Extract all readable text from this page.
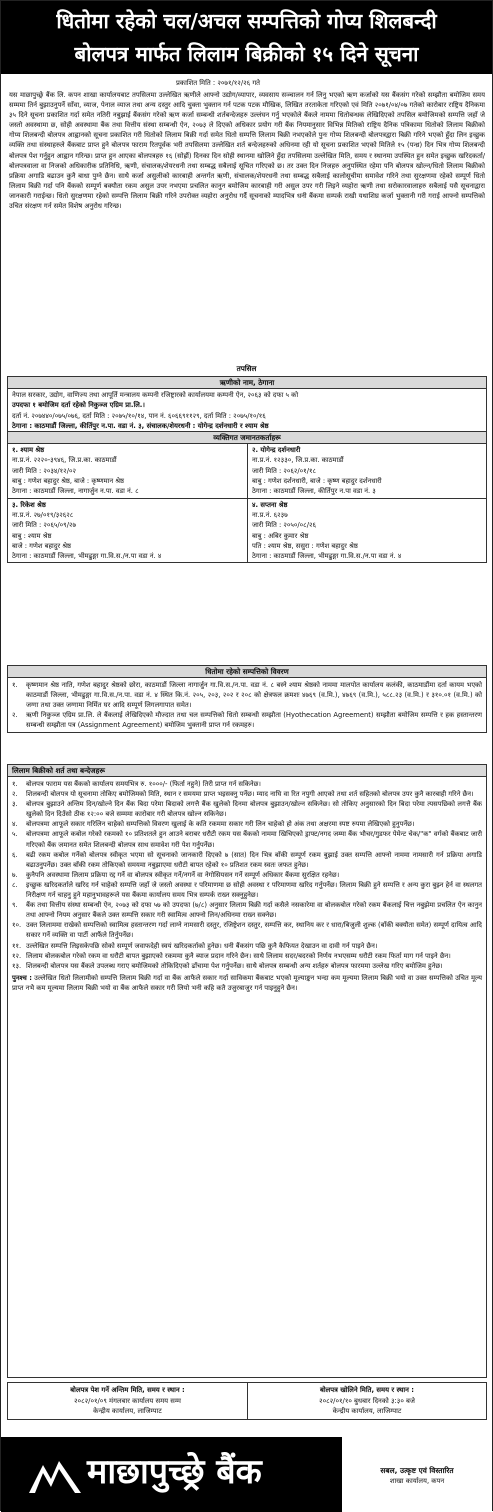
धितोमा रहेको चल/अचल सम्पत्तिको गोप्य शिलबन्दी
बोलपत्र मार्फत लिलाम बिक्रीको १५ दिने सूचना
प्रकाशित मिति : २०७१/१२/२६ गते
यस माछापुच्छ्रे बैंक लि. कपन शाखा कार्यालयबाट तपसिलमा उल्लेखित ऋणीले आफ्नो उद्योग/व्यापार, व्यवसाय सञ्चालन गर्न लिनु भएको ऋण कर्जाको यस बैंकसंग गरेको सम्झौता बमोजिम समय सम्ममा तिर्न बुझाउनुपर्ने साँवा, व्याज, पेनाल व्याज तथा अन्य दस्तुर आदि चुक्ता भुक्तान गर्न पटक पटक मौखिक, लिखित तरताकेता गरिएको एवं मिति २०७१/०४/०७ गतेको कारोबार राष्ट्रिय दैनिकमा ३५ दिने सूचना प्रकाशित गर्दा समेत नतिरी नबुझाई बैंकसंग गरेको ऋण कर्जा सम्बन्धी शर्तबन्देजहरु उल्लंघन गर्नु भएकोले बैंकले नाममा धितोबन्धक लेखिदिएको तपसिल बमोजिमको सम्पत्ति जहाँ जे जस्तो अवस्थामा छ, सोही अवस्थामा बैंक तथा वित्तीय संस्था सम्बन्धी ऐन, २०७३ ले दिएको अधिकार प्रयोग गरी बैंक नियमानुसार विभिन्न मितिको राष्ट्रिय दैनिक पत्रिकामा धितोको लिलाम बिक्रीको गोप्य शिलबन्दी बोलपत्र आह्वानको सूचना प्रकाशित गरी धितोको लिलाम बिक्री गर्दा समेत धितो सम्पत्ति लिलाम बिक्री नभएकोले पुनः गोप्य शिलबन्दी बोलपत्रद्वारा बिक्री गरिने भएको हुँदा लिन इच्छुक व्यक्ति तथा संस्थाहरुले बैंकबाट प्राप्त हुने बोलपत्र फाराम रितपूर्वक भरी तपसिलमा उल्लेखित शर्त बन्देजहरुको अधिनमा रही यो सूचना प्रकाशित भएको मितिले १५ (पन्ध्र) दिन भित्र गोप्य शिलबन्दी बोलपत्र पेश गर्नुहुन आह्वान गरिन्छ। प्राप्त हुन आएका बोलपत्रहरु १६ (सोह्रौं) दिनका दिन सोही स्थानमा खोलिने हुँदा तपसिलमा उल्लेखित मिति, समय र स्थानमा उपस्थित हुन समेत इच्छुक खरिदकर्ता/बोलपत्रवाला वा निजको अधिकारीक प्रतिनिधि, ऋणी, संचालक/शेयरधनी तथा सम्बद्ध सबैलाई सूचित गरिएको छ। तर उक्त दिन निजहरु अनुपस्थित रहेमा पनि बोलपत्र खोल्न/धितो लिलाम बिक्रीको प्रक्रिया अगाडि बढाउन कुनै बाधा पुग्ने छैन। साथै कर्जा असुलीको कारबाही अन्तर्गत ऋणी, संचालक/शेयरधनी तथा सम्बद्ध सबैलाई कालोसूचीमा समावेश गरिने तथा सुरक्षणमा रहेको सम्पूर्ण धितो लिलाम बिक्री गर्दा पनि बैंकको सम्पूर्ण बक्यौता रकम असुल उपर नभएमा प्रचलित कानुन बमोजिम कारबाही गरी असुल उपर गरी लिइने व्यहोरा ऋणी तथा सरोकारवालाहरु सबैलाई यसै सूचनाद्वारा जानकारी गराईन्छ। धितो सुरक्षणमा रहेको सम्पत्ति लिलाम बिक्री गरिने उपरोक्त व्यहोरा अनुरोध गर्दै सूचनाको म्यादभित्र धनी बैंकमा सम्पर्क राखी यथाशिघ्र कर्जा भुक्तानी गरी गराई आफ्नो सम्पत्तिको उचित संरक्षण गर्न समेत विशेष अनुरोध गरिन्छ।
तपसिल
ऋणीको नाम, ठेगाना
नेपाल सरकार, उद्योग, वाणिज्य तथा आपूर्ति मन्त्रालय कम्पनी रजिष्ट्रारको कार्यालयमा कम्पनी ऐन, २०६३ को दफा ५ को
उपदफा १ बमोजिम दर्ता रहेको निकुञ्ज एग्रिम प्रा.लि.।
दर्ता नं. २०७४४०/०७५/०७६, दर्ता मिति : २०७५/१०/१४, पान नं. ६०६६९११२९, दर्ता मिति : २०७५/१०/१६
ठेगाना : काठमाडौं जिल्ला, कीर्तिपुर न.पा. वडा नं. ३, संचालक/शेयरधनी : योगेन्द्र दर्शनधारी र श्याम श्रेष्ठ
व्यक्तिगत जमानतकर्ताहरू
१. श्याम श्रेष्ठ
ना.प्र.नं. २२२०-३९४६, जि.प्र.का. काठमाडौं
जारी मिति : २०३४/१२/०२
बाबु : गणेश बहादुर श्रेष्ठ, बाजे : कृष्णमान श्रेष्ठ
ठेगाना : काठमाडौं जिल्ला, नागार्जुन न.पा. वडा नं. ८
२. योगेन्द्र दर्शनधारी
ना.प्र.नं. १२३३०, जि.प्र.का. काठमाडौं
जारी मिति : २०६२/०१/१८
बाबु : गणेश दर्शनधारी, बाजे : कृष्ण बहादुर दर्शनधारी
ठेगाना : काठमाडौं जिल्ला, कीर्तिपुर न.पा वडा नं. ३
३. रिकेश श्रेष्ठ
ना.प्र.नं. २७/०१९/३२६२८
जारी मिति : २०६५/०९/२७
बाबु : श्याम श्रेष्ठ
बाजे : गणेश बहादुर श्रेष्ठ
ठेगाना : काठमाडौं जिल्ला, भीमढुङ्गा गा.वि.स./न.पा वडा नं. ४
४. सप्तना श्रेष्ठ
ना.प्र.नं. ६२३७
जारी मिति : २०५०/०८/२६
बाबु : अबिर कुमार श्रेष्ठ
पति : श्याम श्रेष्ठ, ससुरा : गणेश बहादुर श्रेष्ठ
ठेगाना : काठमाडौं जिल्ला, भीमढुङ्गा गा.वि.स./न.पा वडा नं. ४
धितोमा रहेको सम्पत्तिको विवरण
१.	कृष्णमान श्रेष्ठ नाति, गणेश बहादुर श्रेष्ठको छोरा, काठमाडौं जिल्ला नागार्जुन गा.वि.स./न.पा. वडा नं. ८ बस्ने श्याम श्रेष्ठको नाममा मालपोत कार्यालय कलंकी, काठमाडौंमा दर्ता कायम भएको काठमाडौं जिल्ला, भीमढुङ्गा गा.वि.स./न.पा. वडा नं. ४ स्थित कि.नं. २०५, २०३, २०२ र २०८ को क्षेत्रफल क्रमशः ४७६९ (व.मि.), ४७६९ (व.मि.), ५८८.२३ (व.मि.) र ३१०.०१ (व.मि.) को जग्गा तथा उक्त जग्गामा निर्मित घर आदि सम्पूर्ण लिगलगापात समेत।
२.	ऋणी निकुञ्ज एग्रिम प्रा.लि. ले बैंकलाई लेखिदिएको मौज्दात तथा चल सम्पत्तिको धितो सम्बन्धी सम्झौता (Hyothecation Agreement) सम्झौता बमोजिम सम्पत्ति र हक हस्तान्तरण सम्बन्धी सम्झौता पत्र (Assignment Agreement) बमोजिम भुक्तानी प्राप्त गर्न रकमहरु।
लिलाम बिक्रीको शर्त तथा बन्देजहरू
१.	बोलपत्र फाराम यस बैंकको कार्यालय समयभित्र रु. १०००/- (फिर्ता नहुने) तिरी प्राप्त गर्न सकिनेछ।
२.	शिलबन्दी बोलपत्र यो सूचनामा तोकिए बमोजिमको मिति, स्थान र समयमा प्राप्त भइसक्नु पर्नेछ। म्याद नाघि वा रित नपुगी आएको तथा शर्त सहितको बोलपत्र उपर कुनै कारबाही गरिने छैन।
३.	बोलपत्र बुझाउने अन्तिम दिन/खोल्ने दिन बैंक बिदा परेमा बिदाको लगत्तै बैंक खुलेको दिनमा बोलपत्र बुझाउन/खोल्न सकिनेछ। सो तोकिए अनुसारको दिन बिदा परेमा त्यसपछिको लगत्तै बैंक खुलेको दिन दिउँसो ठीक १२:०० बजे सम्ममा कारोबार गरी बोलपत्र खोल्न सकिनेछ।
४.	बोलपत्रमा आफूले सकार गरिलिन चाहेको सम्पत्तिको विवरण खुलाई के कति रकममा सकार गरी लिन चाहेको हो अंक तथा अक्षरमा स्पष्ट रुपमा लेखिएको हुनुपर्नेछ।
५.	बोलपत्रमा आफूले कबोल गरेको रकमको १० प्रतिशतले हुन आउने बराबर धरौटी रकम यस बैंकको नाममा खिचिएको ड्राफ्ट/नगद जम्मा बैंक भौचर/गुडफर पेमेन्ट चेक/"क" वर्गको बैंकबाट जारी गरिएको बैंक जमानत समेत शिलबन्दी बोलपत्र साथ समावेश गरी पेश गर्नुपर्नेछ।
६.	बढी रकम कबोल गर्नेको बोलपत्र स्वीकृत भएमा सो सूचनाको जानकारी दिएको ७ (सात) दिन भित्र बाँकी सम्पूर्ण रकम बुझाई उक्त सम्पत्ति आफ्नो नाममा नामसारी गर्न प्रक्रिया अगाडि बढाउनुपर्नेछ। उक्त बाँकी रकम तोकिएको समयमा नबुझाएमा धरौटी बापत रहेको १० प्रतिशत रकम स्वतः जफत हुनेछ।
७.	कुनैपनि अवस्थामा लिलाम प्रक्रिया रद्द गर्ने वा बोलपत्र स्वीकृत गर्ने/नगर्ने वा नेगोसियसन गर्ने सम्पूर्ण अधिकार बैंकमा सुरक्षित रहनेछ।
८.	इच्छुक खरिदकर्ताले खरिद गर्न चाहेको सम्पत्ति जहाँ जे जस्तो अवस्था र परिमाणमा छ सोही अवस्था र परिमाणमा खरिद गर्नुपर्नेछ। लिलाम बिक्री हुने सम्पत्ति र अन्य कुरा बुझ्न हेर्न वा स्थलगत निरीक्षण गर्न चाहनु हुने महानुभावहरूले यस बैंकमा कार्यालय समय भित्र सम्पर्क राख्न सक्नुहुनेछ।
९.	बैंक तथा वित्तीय संस्था सम्बन्धी ऐन, २०७३ को दफा ५७ को उपदफा (७/८) अनुसार लिलाम बिक्री गर्दा कसैले नसकारेमा वा बोलकबोल गरेको रकम बैंकलाई चित्त नबुझेमा प्रचलित ऐन कानुन तथा आफ्नो नियम अनुसार बैंकले उक्त सम्पत्ति सकार गरी स्वामित्व आफ्नो लिन/अधिनमा राख्न सक्नेछ।
१०. उक्त लिलाममा राखेको सम्पत्तिको स्वामित्व हस्तान्तरण गर्दा लाग्ने नामसारी दस्तुर, रजिष्ट्रेशन दस्तुर, सम्पत्ति कर, स्थानिय कर र धारा/बिजुली शुल्क (बाँकी बक्यौता समेत) सम्पूर्ण दायित्व आदि सकार गर्ने व्यक्ति वा पार्टी आफैंले तिर्नुपर्नेछ।
११. उल्लेखित सम्पत्ति लिइसकेपछि सोको सम्पूर्ण जवाफदेही स्वयं खरिदकर्ताको हुनेछ। धनी बैंकसंग पछि कुनै कैफियत देखाउन वा दावी गर्न पाइने छैन।
१२. लिलाम बोलकबोल गरेको रकम वा धरौटी बापत बुझाएको रकममा कुनै ब्याज प्रदान गरिने छैन। साथै लिलाम सदर/बदरको निर्णय नभएसम्म धरौटी रकम फिर्ता माग गर्न पाइने छैन।
१३. शिलबन्दी बोलपत्र यस बैंकले उपलब्ध गराए बमोजिमको तोकिदिएको ढाँचामा पेश गर्नुपर्नेछ। साथै बोलपत्र सम्बन्धी अन्य शर्तहरु बोलपत्र फारममा उल्लेख गरिए बमोजिम हुनेछ।
पुनश्च : उल्लेखित धितो लिलामीको सम्पत्ति लिलाम बिक्री गर्दा वा बैंक आफैले सकार गर्दा साविकमा बैंकबाट भएको मूल्याङ्कन भन्दा कम मूल्यमा लिलाम बिक्री भयो वा उक्त सम्पत्तिको उचित मूल्य प्राप्त नभै कम मूल्यमा लिलाम बिक्री भयो वा बैंक आफैले सकार गरी लियो भनी कहि कतै उजुरबाजुर गर्न पाइनुहुने छैन।
बोलपत्र पेश गर्ने अन्तिम मिति, समय र स्थान :
२०८२/०१/०९ मंगलबार कार्यालय समय सम्म
केन्द्रीय कार्यालय, लाजिम्पाट
बोलपत्र खोलिने मिति, समय र स्थान :
२०८२/०१/१० बुधबार दिनको ३:३० बजे
केन्द्रीय कार्यालय, लाजिम्पाट
माछापुच्छ्रे बैंक	सबल, उत्कृष्ट एवं विस्तारित
शाखा कार्यालय, कपन
